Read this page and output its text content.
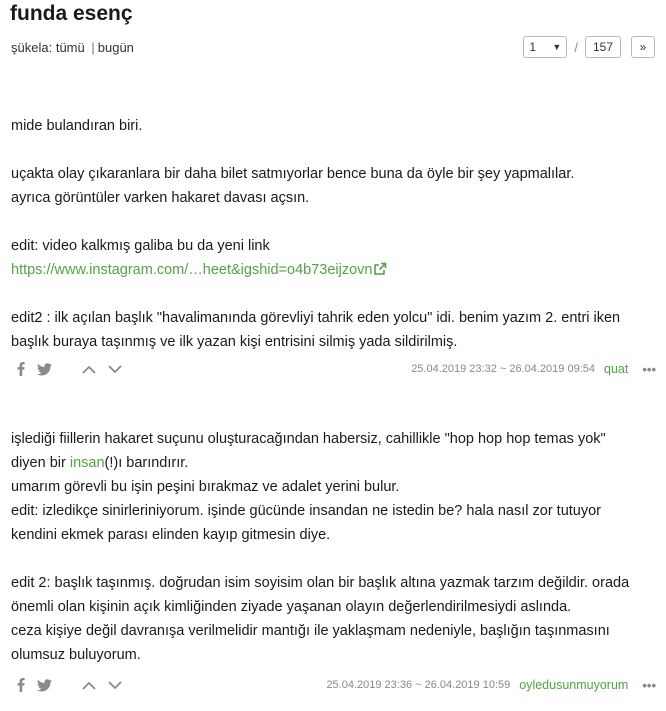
funda esenç
şükela: tümü | bugün	1 ▼ /	157	»

mide bulandıran biri.

uçakta olay çıkaranlara bir daha bilet satmıyorlar bence buna da öyle bir şey yapmalılar.

ayrıca görüntüler varken hakaret davası açsın.

edit: video kalkmış galiba bu da yeni link

https://www.instagram.com/…heet&igshid=o4b73eijzovn

edit2 : ilk açılan başlık "havalimanında görevliyi tahrik eden yolcu" idi. benim yazım 2. entri iken

başlık buraya taşınmış ve ilk yazan kişi entrisini silmiş yada sildirilmiş.

25.04.2019 23:32 ~ 26.04.2019 09:54 quat •••

işlediği fiillerin hakaret suçunu oluşturacağından habersiz, cahillikle "hop hop hop temas yok"

diyen bir insan(!)ı barındırır.

umarım görevli bu işin peşini bırakmaz ve adalet yerini bulur.

edit: izledikçe sinirleriniyorum. işinde gücünde insandan ne istedin be? hala nasıl zor tutuyor

kendini ekmek parası elinden kayıp gitmesin diye.

edit 2: başlık taşınmış. doğrudan isim soyisim olan bir başlık altına yazmak tarzım değildir. orada

önemli olan kişinin açık kimliğinden ziyade yaşanan olayın değerlendirilmesiydi aslında.

ceza kişiye değil davranışa verilmelidir mantığı ile yaklaşmam nedeniyle, başlığın taşınmasını

olumsuz buluyorum.

25.04.2019 23:36 ~ 26.04.2019 10:59 oyledusunmuyorum •••
